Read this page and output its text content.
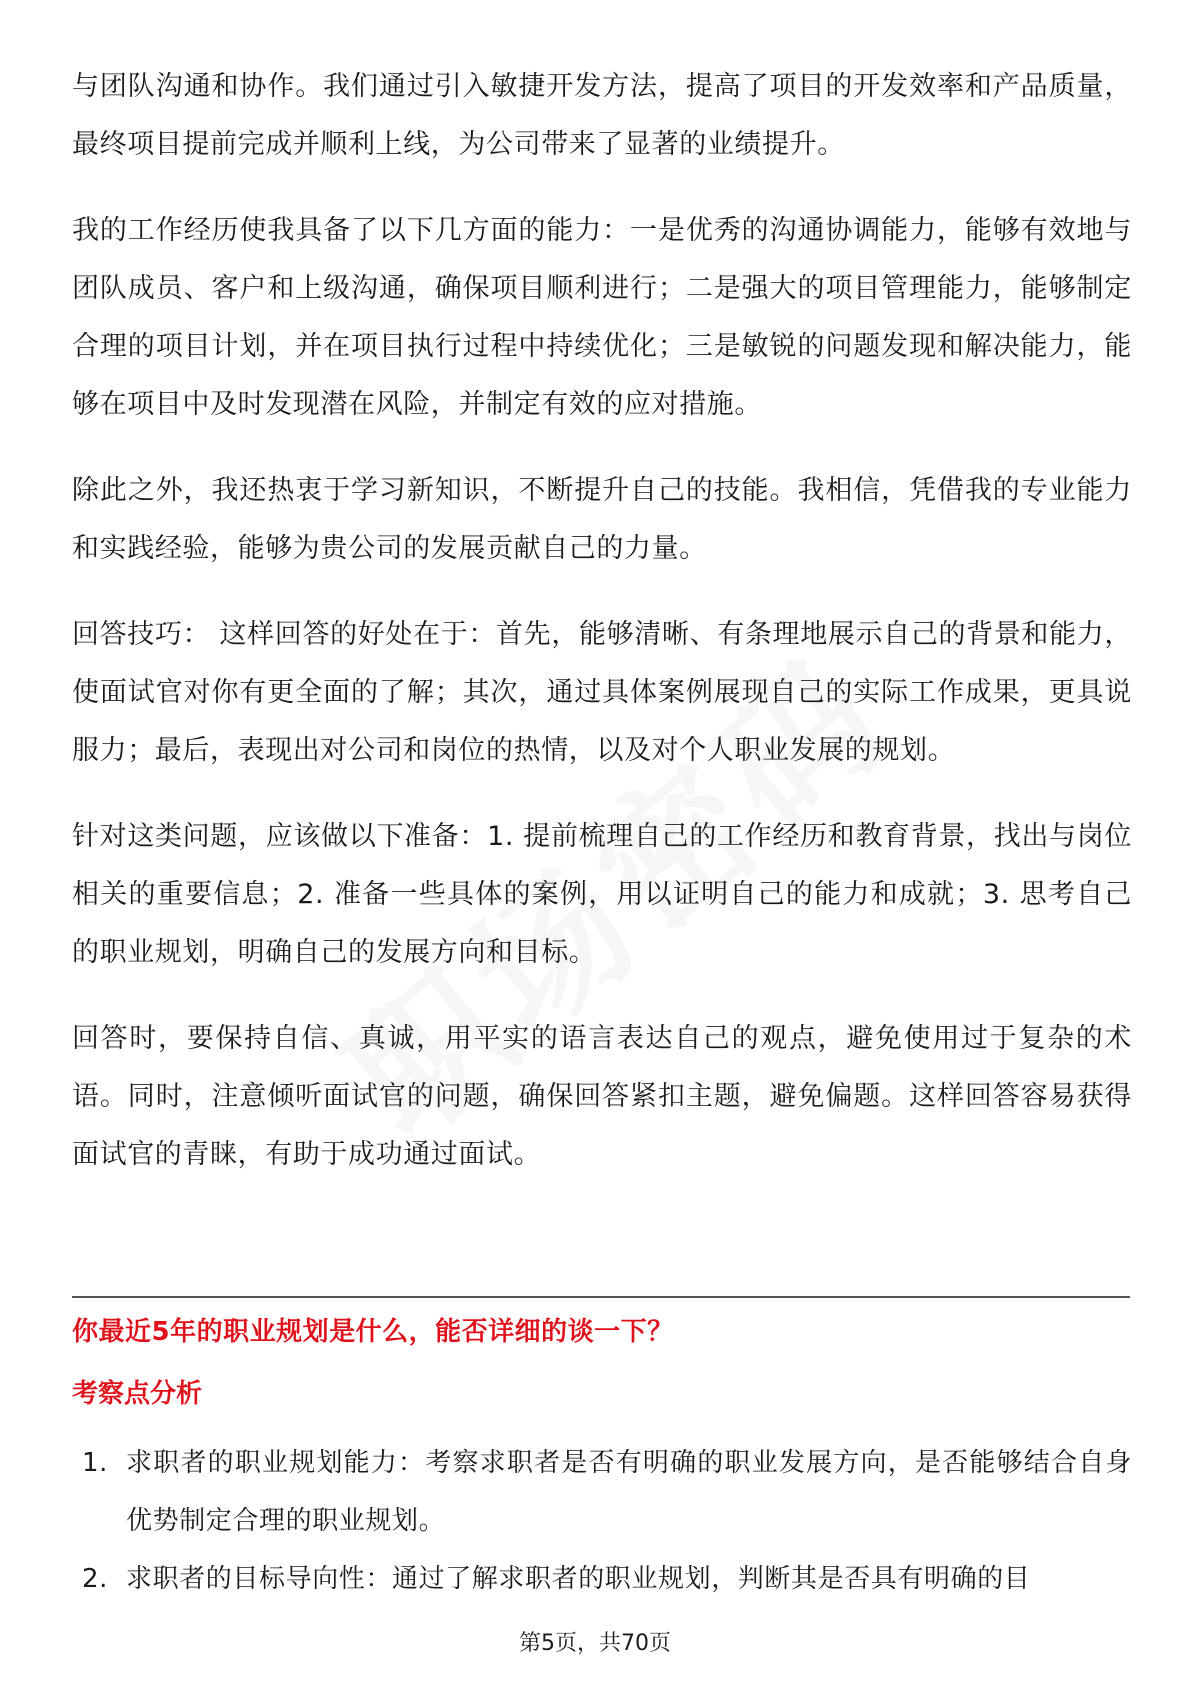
与团队沟通和协作。我们通过引入敏捷开发方法，提高了项目的开发效率和产品质量，最终项目提前完成并顺利上线，为公司带来了显著的业绩提升。

我的工作经历使我具备了以下几方面的能力：一是优秀的沟通协调能力，能够有效地与团队成员、客户和上级沟通，确保项目顺利进行；二是强大的项目管理能力，能够制定合理的项目计划，并在项目执行过程中持续优化；三是敏锐的问题发现和解决能力，能够在项目中及时发现潜在风险，并制定有效的应对措施。

除此之外，我还热衷于学习新知识，不断提升自己的技能。我相信，凭借我的专业能力和实践经验，能够为贵公司的发展贡献自己的力量。

回答技巧： 这样回答的好处在于：首先，能够清晰、有条理地展示自己的背景和能力，使面试官对你有更全面的了解；其次，通过具体案例展现自己的实际工作成果，更具说服力；最后，表现出对公司和岗位的热情，以及对个人职业发展的规划。

针对这类问题，应该做以下准备：1. 提前梳理自己的工作经历和教育背景，找出与岗位相关的重要信息；2. 准备一些具体的案例，用以证明自己的能力和成就；3. 思考自己的职业规划，明确自己的发展方向和目标。

回答时，要保持自信、真诚，用平实的语言表达自己的观点，避免使用过于复杂的术语。同时，注意倾听面试官的问题，确保回答紧扣主题，避免偏题。这样回答容易获得面试官的青睐，有助于成功通过面试。

你最近5年的职业规划是什么，能否详细的谈一下？
考察点分析
1. 求职者的职业规划能力：考察求职者是否有明确的职业发展方向，是否能够结合自身优势制定合理的职业规划。
2. 求职者的目标导向性：通过了解求职者的职业规划，判断其是否具有明确的目
第5页，共70页
